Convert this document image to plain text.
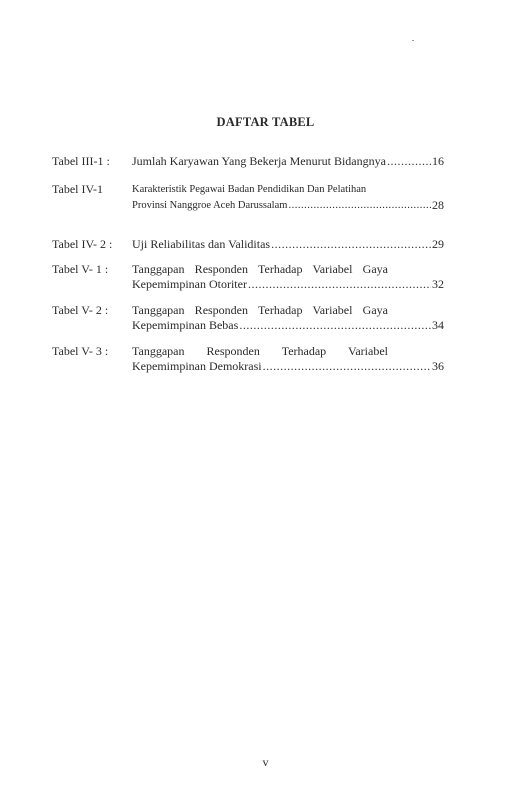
DAFTAR TABEL
Tabel III-1 :	Jumlah Karyawan Yang Bekerja Menurut Bidangnya .....	16
Tabel IV-1	Karakteristik Pegawai Badan Pendidikan Dan Pelatihan
Provinsi Nanggroe Aceh Darussalam .....	28
Tabel IV- 2 :	Uji Reliabilitas dan Validitas .....	29
Tabel V- 1 :	Tanggapan Responden Terhadap Variabel Gaya
Kepemimpinan Otoriter .....	32
Tabel V- 2 :	Tanggapan Responden Terhadap Variabel Gaya
Kepemimpinan Bebas .....	34
Tabel V- 3 :	Tanggapan Responden Terhadap Variabel
Kepemimpinan Demokrasi .....	36
v
